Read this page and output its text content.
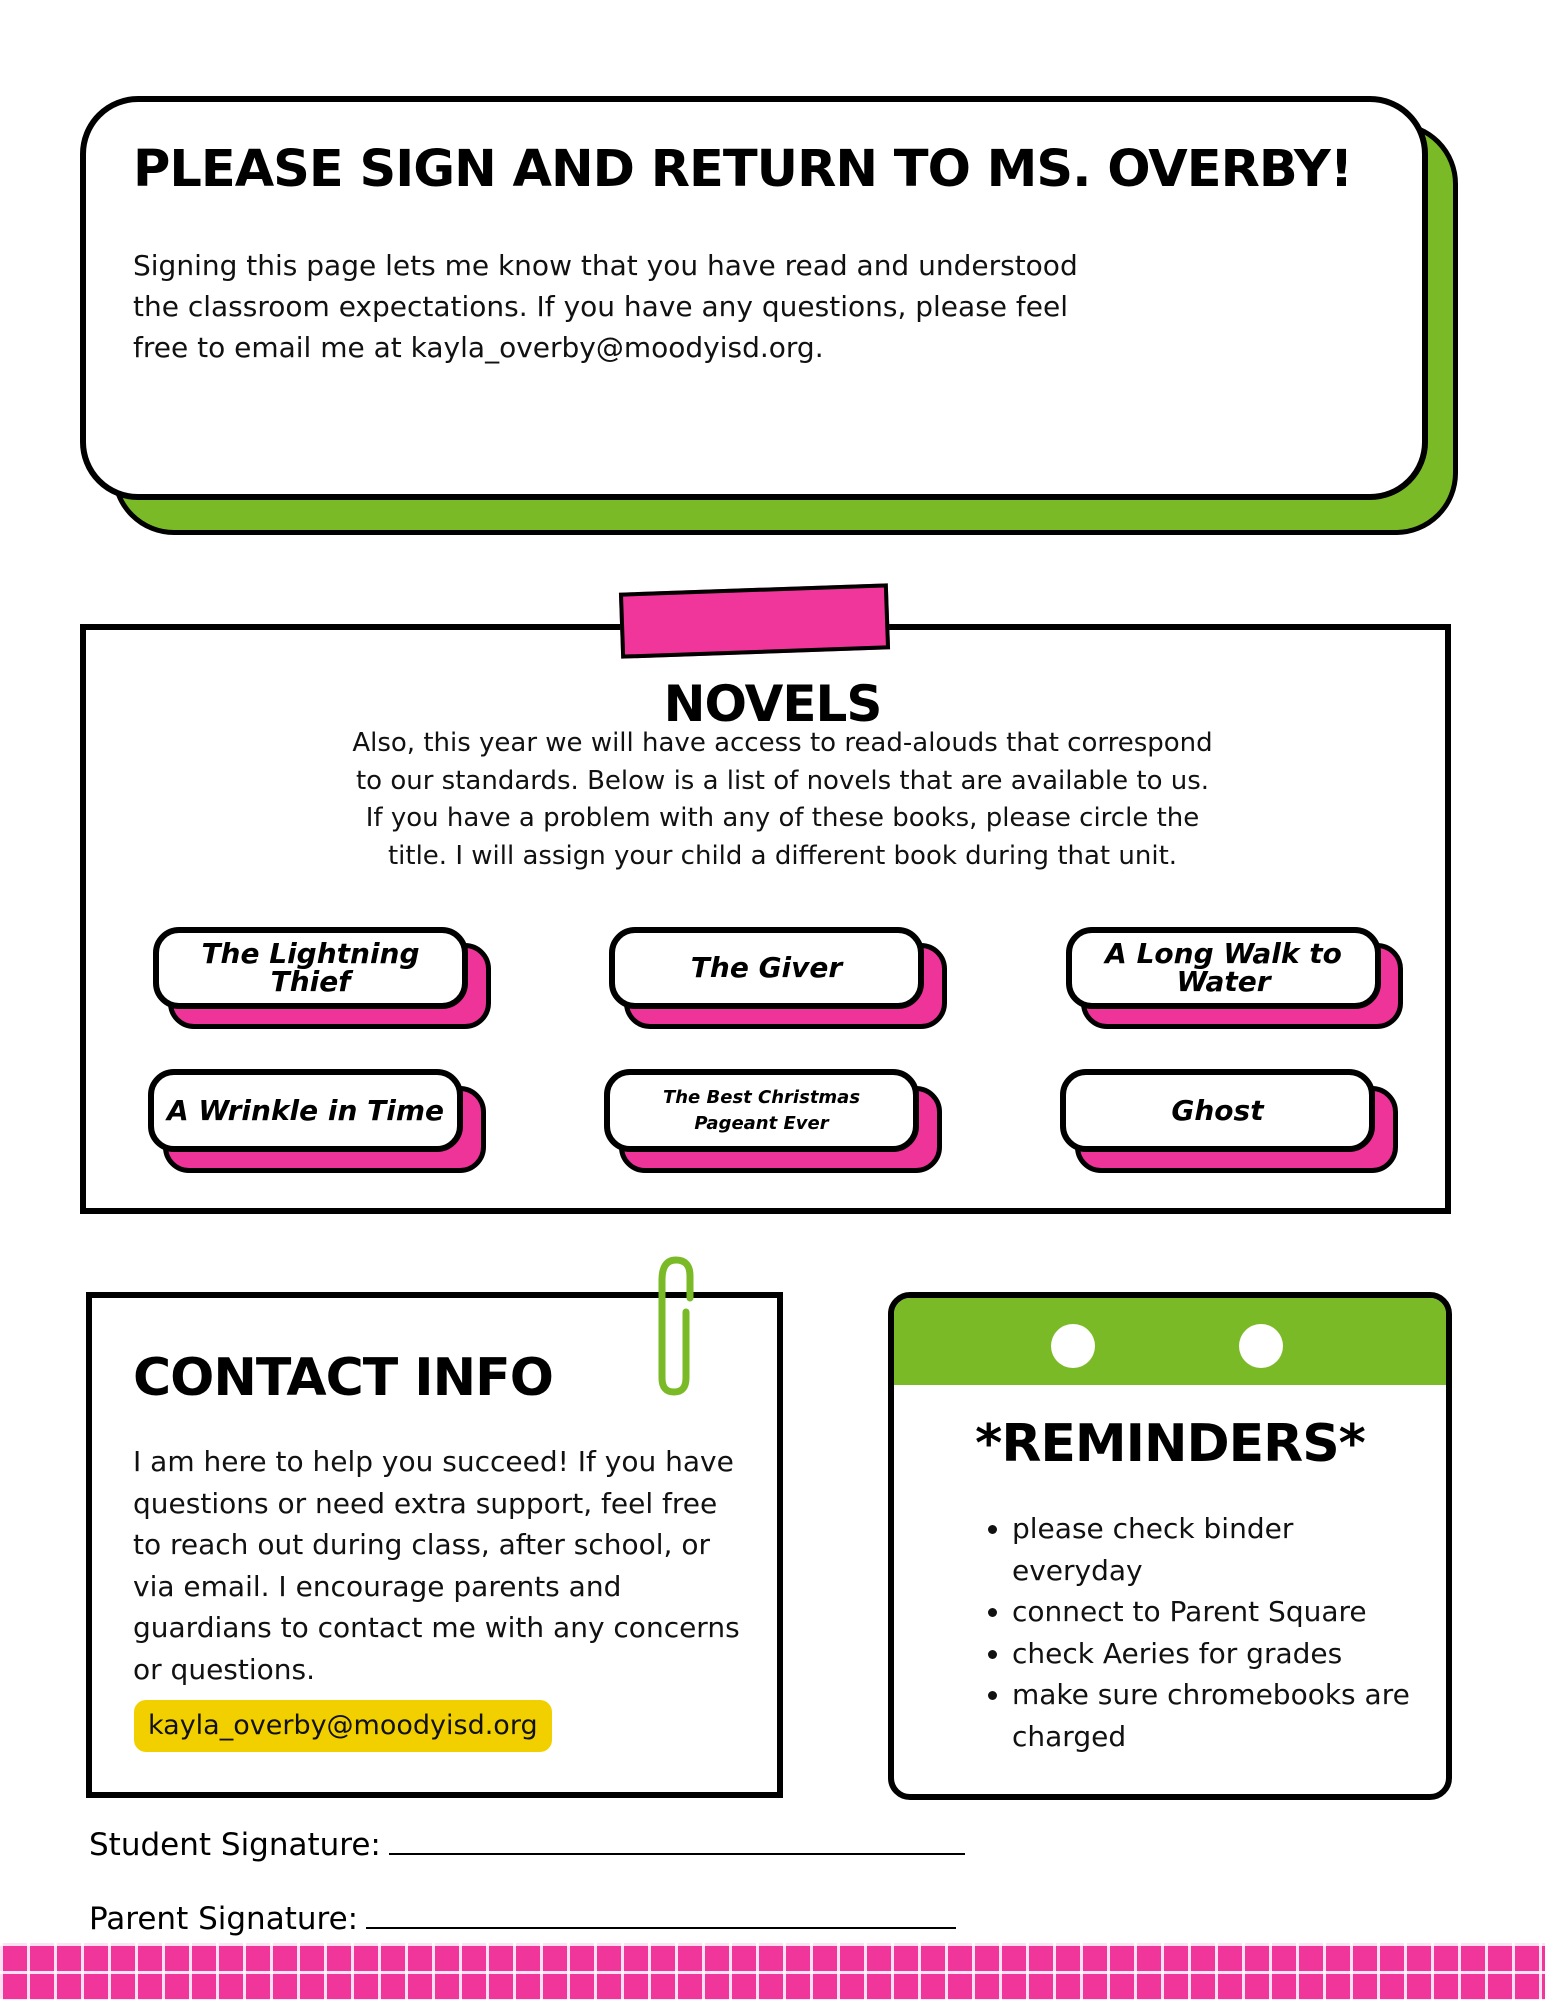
PLEASE SIGN AND RETURN TO MS. OVERBY!

Signing this page lets me know that you have read and understood the classroom expectations. If you have any questions, please feel free to email me at kayla_overby@moodyisd.org.

NOVELS

Also, this year we will have access to read-alouds that correspond to our standards. Below is a list of novels that are available to us. If you have a problem with any of these books, please circle the title. I will assign your child a different book during that unit.

The Lightning Thief	The Giver	A Long Walk to Water
A Wrinkle in Time	The Best Christmas Pageant Ever	Ghost
CONTACT INFO

I am here to help you succeed! If you have questions or need extra support, feel free to reach out during class, after school, or via email. I encourage parents and guardians to contact me with any concerns or questions.

kayla_overby@moodyisd.org
*REMINDERS*
• please check binder everyday
• connect to Parent Square
• check Aeries for grades
• make sure chromebooks are charged

Student Signature:

Parent Signature:
